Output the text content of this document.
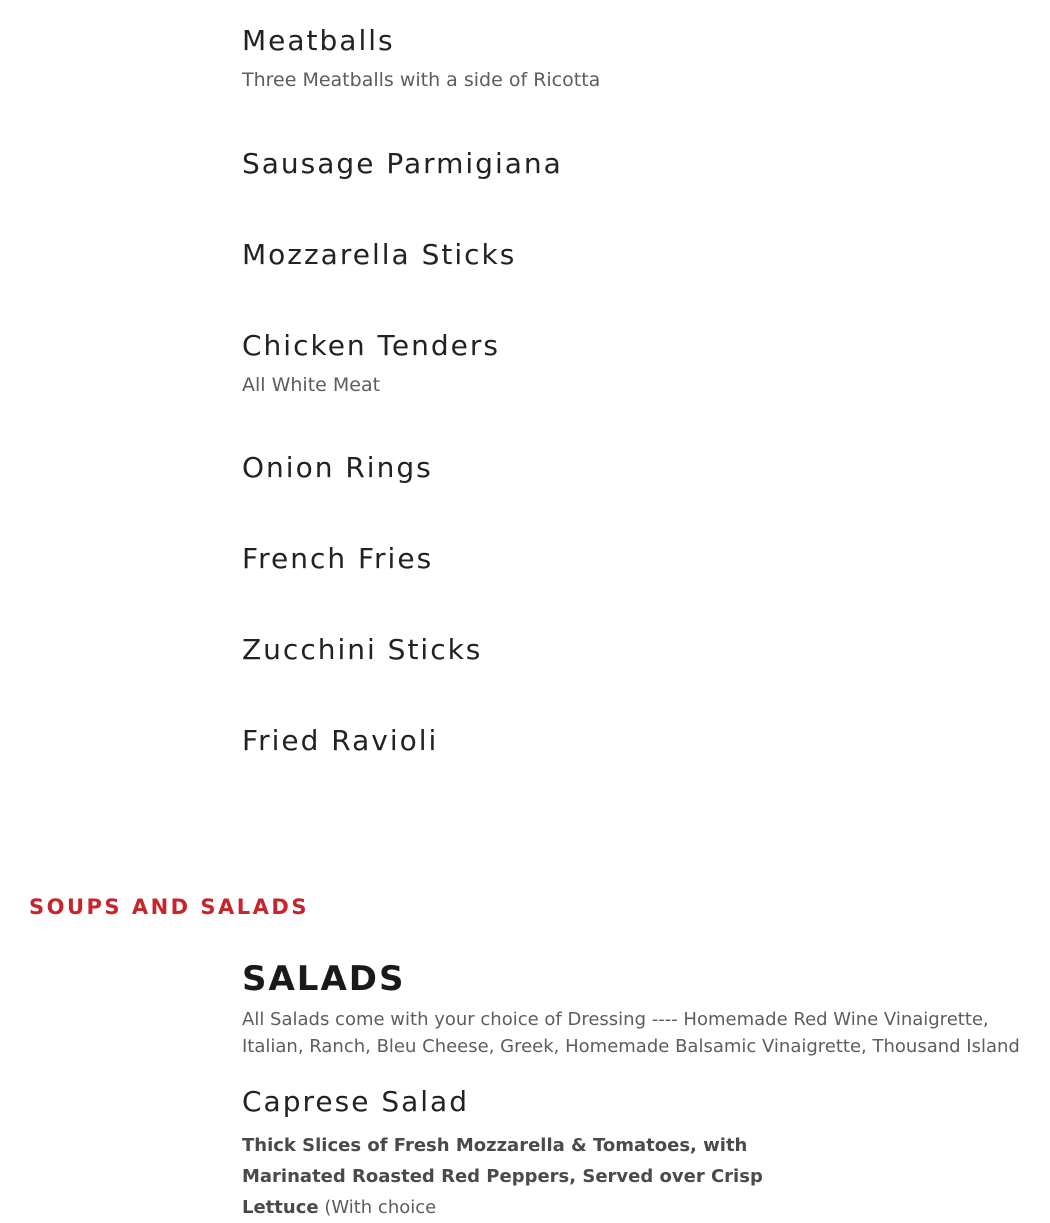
Meatballs

Three Meatballs with a side of Ricotta

Sausage Parmigiana
Mozzarella Sticks
Chicken Tenders

All White Meat

Onion Rings
French Fries
Zucchini Sticks
Fried Ravioli
SOUPS AND SALADS
SALADS

All Salads come with your choice of Dressing ---- Homemade Red Wine Vinaigrette, Italian, Ranch, Bleu Cheese, Greek, Homemade Balsamic Vinaigrette, Thousand Island

Caprese Salad

Thick Slices of Fresh Mozzarella & Tomatoes, with Marinated Roasted Red Peppers, Served over Crisp Lettuce (With choice
